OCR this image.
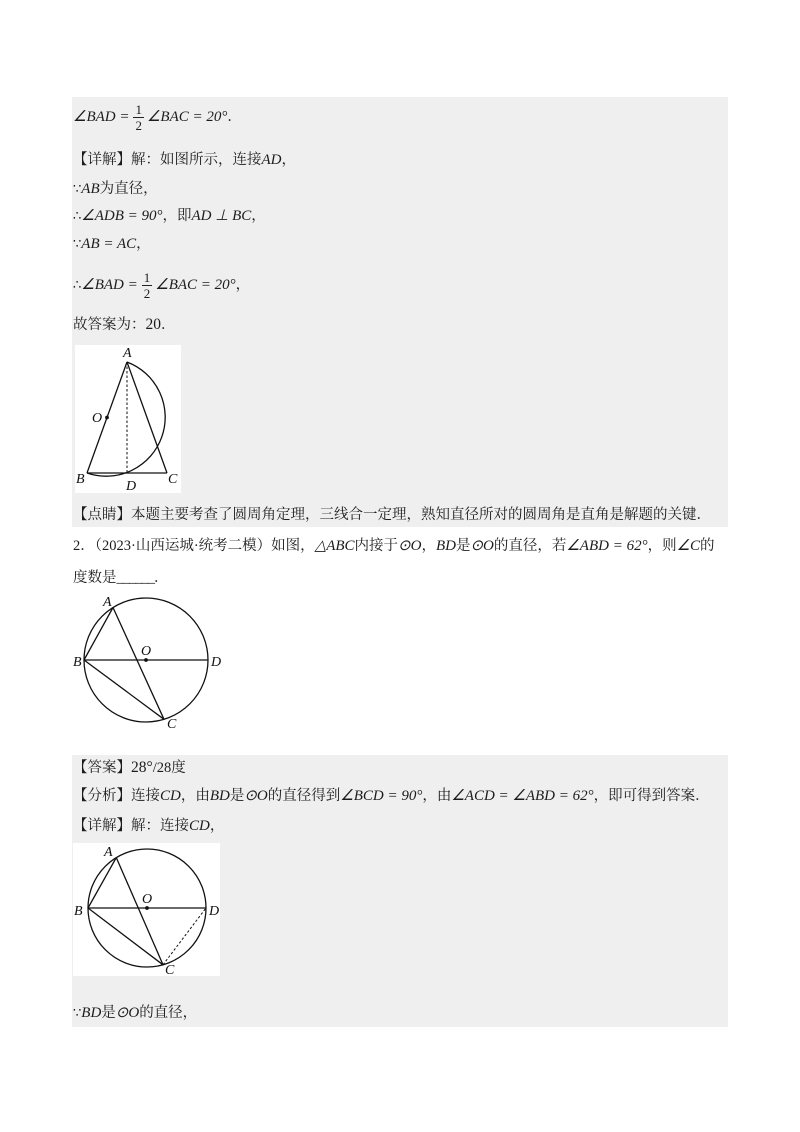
∠BAD = $\frac{1}{2}$ ∠BAC = 20°．
【详解】解：如图所示，连接AD，
∵AB为直径，
∴∠ADB = 90°，即AD ⊥ BC，
∵AB = AC，
∴∠BAD = $\frac{1}{2}$ ∠BAC = 20°，
故答案为：20．
A
O
B	D C
【点睛】本题主要考查了圆周角定理，三线合一定理，熟知直径所对的圆周角是直角是解题的关键．
2．（2023·山西运城·统考二模）如图，△ABC内接于⊙O，BD是⊙O的直径，若∠ABD = 62°，则∠C的
度数是______．
A
B
O
D
C
【答案】28°/28度
【分析】连接CD，由BD是⊙O的直径得到∠BCD = 90°，由∠ACD = ∠ABD = 62°，即可得到答案．
【详解】解：连接CD，
A
B
O
D
C
∵BD是⊙O的直径，
